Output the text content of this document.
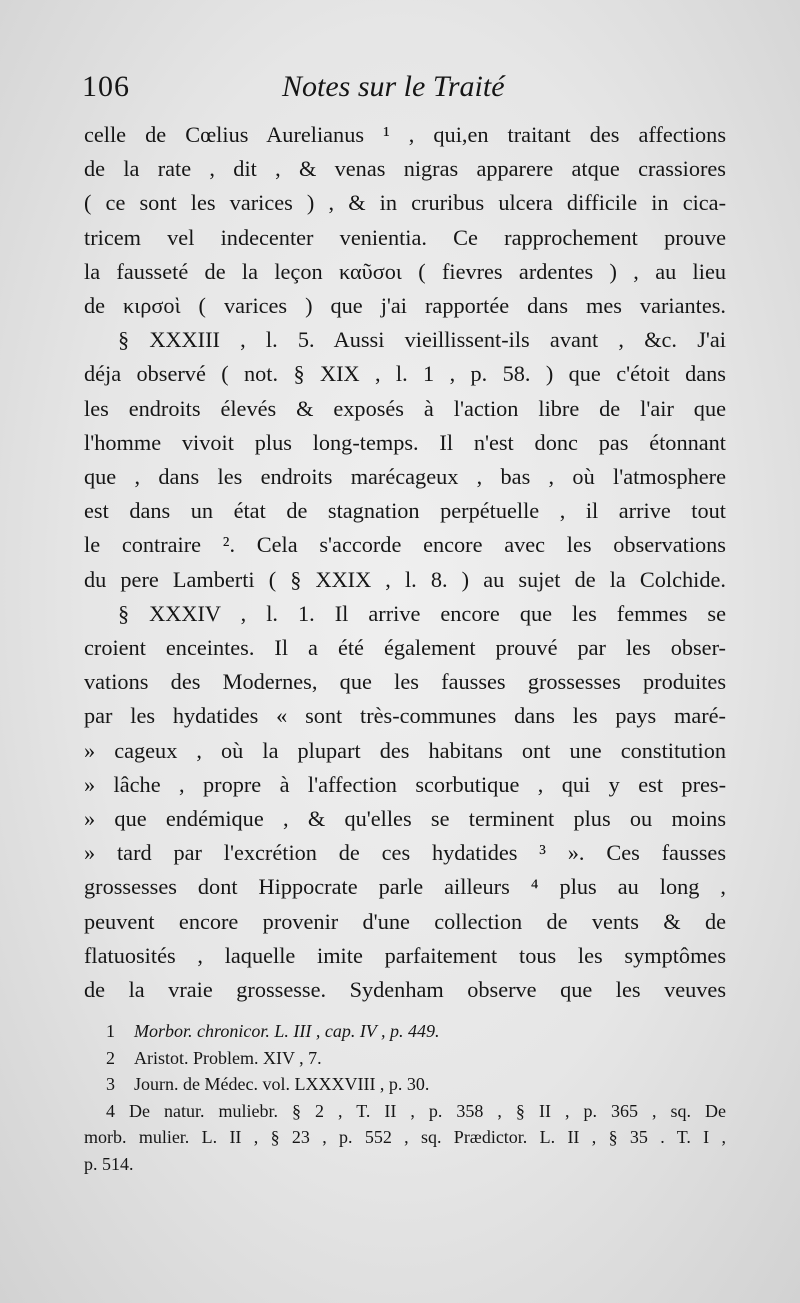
106	Notes sur le Traité
celle de Cœlius Aurelianus ¹ , qui,en traitant des affections
de la rate , dit , & venas nigras apparere atque crassiores
( ce sont les varices ) , & in cruribus ulcera difficile in cica-
tricem vel indecenter venientia. Ce rapprochement prouve
la fausseté de la leçon καῦσοι ( fievres ardentes ) , au lieu
de κιρσοὶ ( varices ) que j'ai rapportée dans mes variantes.
§ XXXIII , l. 5. Aussi vieillissent-ils avant , &c. J'ai
déja observé ( not. § XIX , l. 1 , p. 58. ) que c'étoit dans
les endroits élevés & exposés à l'action libre de l'air que
l'homme vivoit plus long-temps. Il n'est donc pas étonnant
que , dans les endroits marécageux , bas , où l'atmosphere
est dans un état de stagnation perpétuelle , il arrive tout
le contraire ². Cela s'accorde encore avec les observations
du pere Lamberti ( § XXIX , l. 8. ) au sujet de la Colchide.
§ XXXIV , l. 1. Il arrive encore que les femmes se
croient enceintes. Il a été également prouvé par les obser-
vations des Modernes, que les fausses grossesses produites
par les hydatides « sont très-communes dans les pays maré-
» cageux , où la plupart des habitans ont une constitution
» lâche , propre à l'affection scorbutique , qui y est pres-
» que endémique , & qu'elles se terminent plus ou moins
» tard par l'excrétion de ces hydatides ³ ». Ces fausses
grossesses dont Hippocrate parle ailleurs ⁴ plus au long ,
peuvent encore provenir d'une collection de vents & de
flatuosités , laquelle imite parfaitement tous les symptômes
de la vraie grossesse. Sydenham observe que les veuves
1 Morbor. chronicor. L. III , cap. IV , p. 449.
2 Aristot. Problem. XIV , 7.
3 Journ. de Médec. vol. LXXXVIII , p. 30.
4 De natur. muliebr. § 2 , T. II , p. 358 , § II , p. 365 , sq. De
morb. mulier. L. II , § 23 , p. 552 , sq. Prædictor. L. II , § 35 . T. I ,
p. 514.
